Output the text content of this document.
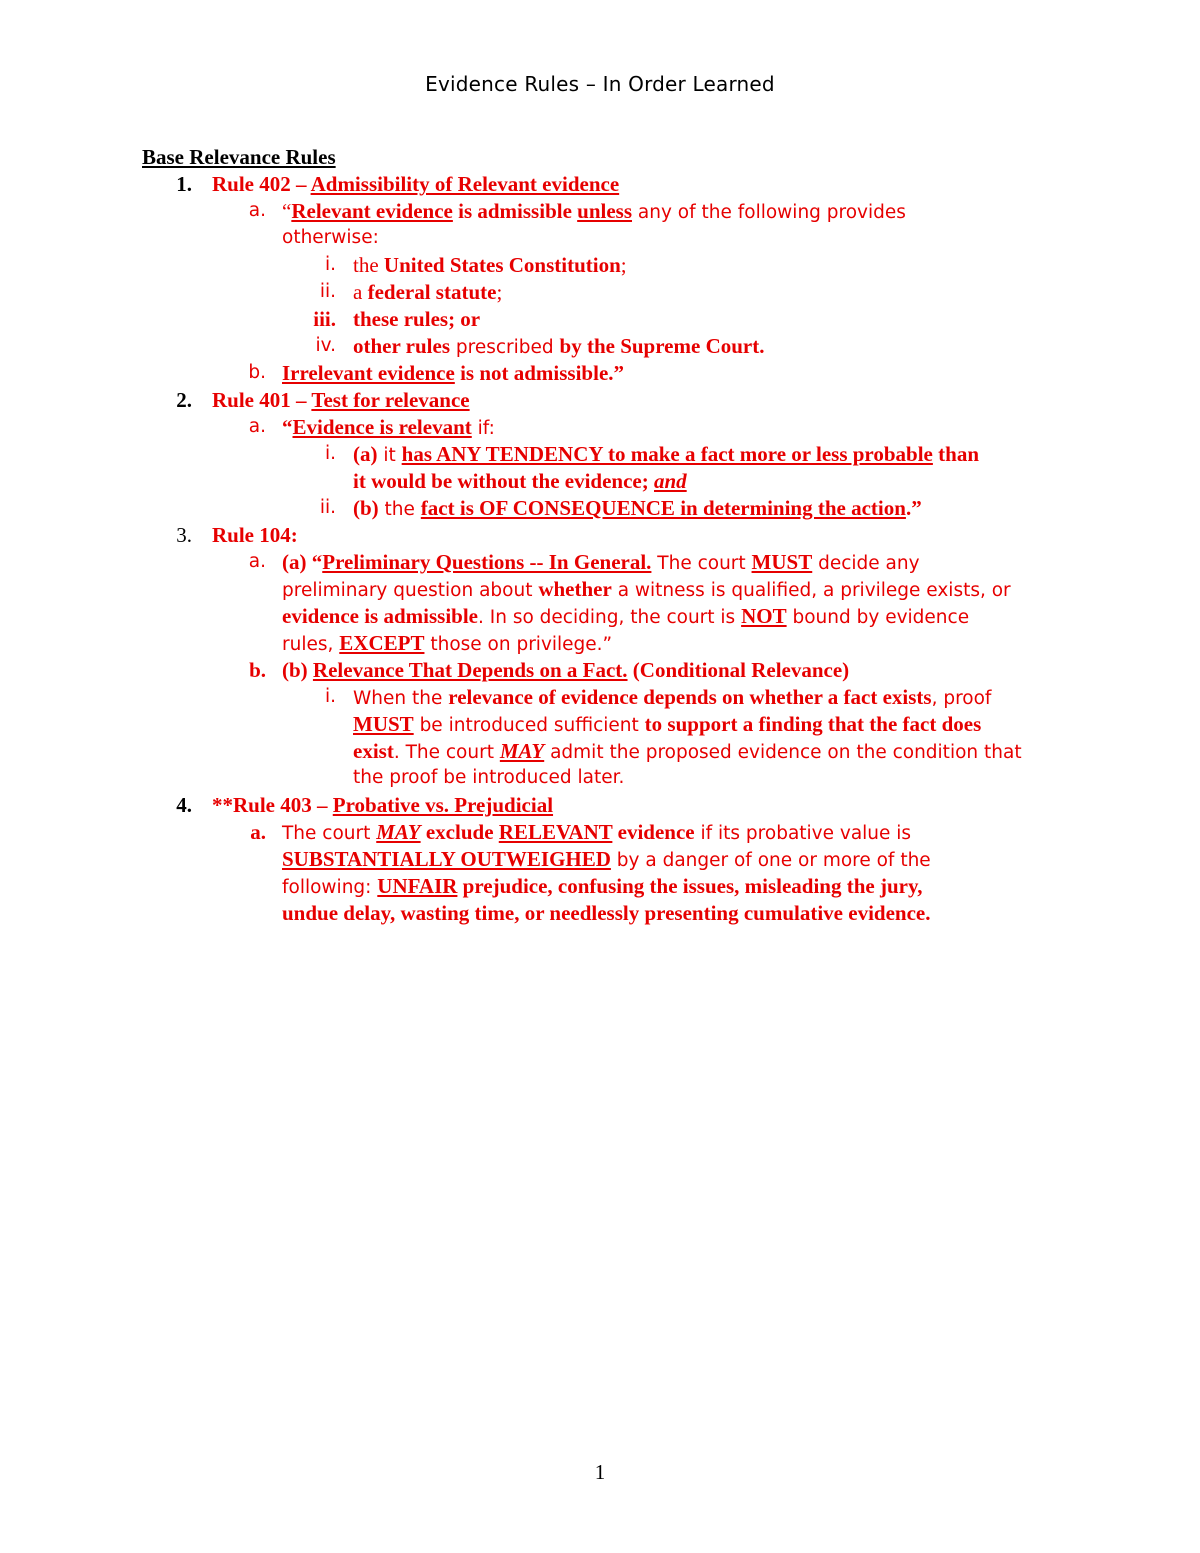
Evidence Rules – In Order Learned
Base Relevance Rules
1. Rule 402 – Admissibility of Relevant evidence
a. “Relevant evidence is admissible unless any of the following provides
otherwise:
i. the United States Constitution;
ii. a federal statute;
iii. these rules; or
iv. other rules prescribed by the Supreme Court.
b. Irrelevant evidence is not admissible.”
2. Rule 401 – Test for relevance
a. “Evidence is relevant if:
i. (a) it has ANY TENDENCY to make a fact more or less probable than
it would be without the evidence; and
ii. (b) the fact is OF CONSEQUENCE in determining the action.”
3. Rule 104:
a. (a) “Preliminary Questions -- In General. The court MUST decide any
preliminary question about whether a witness is qualified, a privilege exists, or
evidence is admissible. In so deciding, the court is NOT bound by evidence
rules, EXCEPT those on privilege.”
b. (b) Relevance That Depends on a Fact. (Conditional Relevance)
i. When the relevance of evidence depends on whether a fact exists, proof
MUST be introduced sufficient to support a finding that the fact does
exist. The court MAY admit the proposed evidence on the condition that
the proof be introduced later.
4. **Rule 403 – Probative vs. Prejudicial
a. The court MAY exclude RELEVANT evidence if its probative value is
SUBSTANTIALLY OUTWEIGHED by a danger of one or more of the
following: UNFAIR prejudice, confusing the issues, misleading the jury,
undue delay, wasting time, or needlessly presenting cumulative evidence.
1
